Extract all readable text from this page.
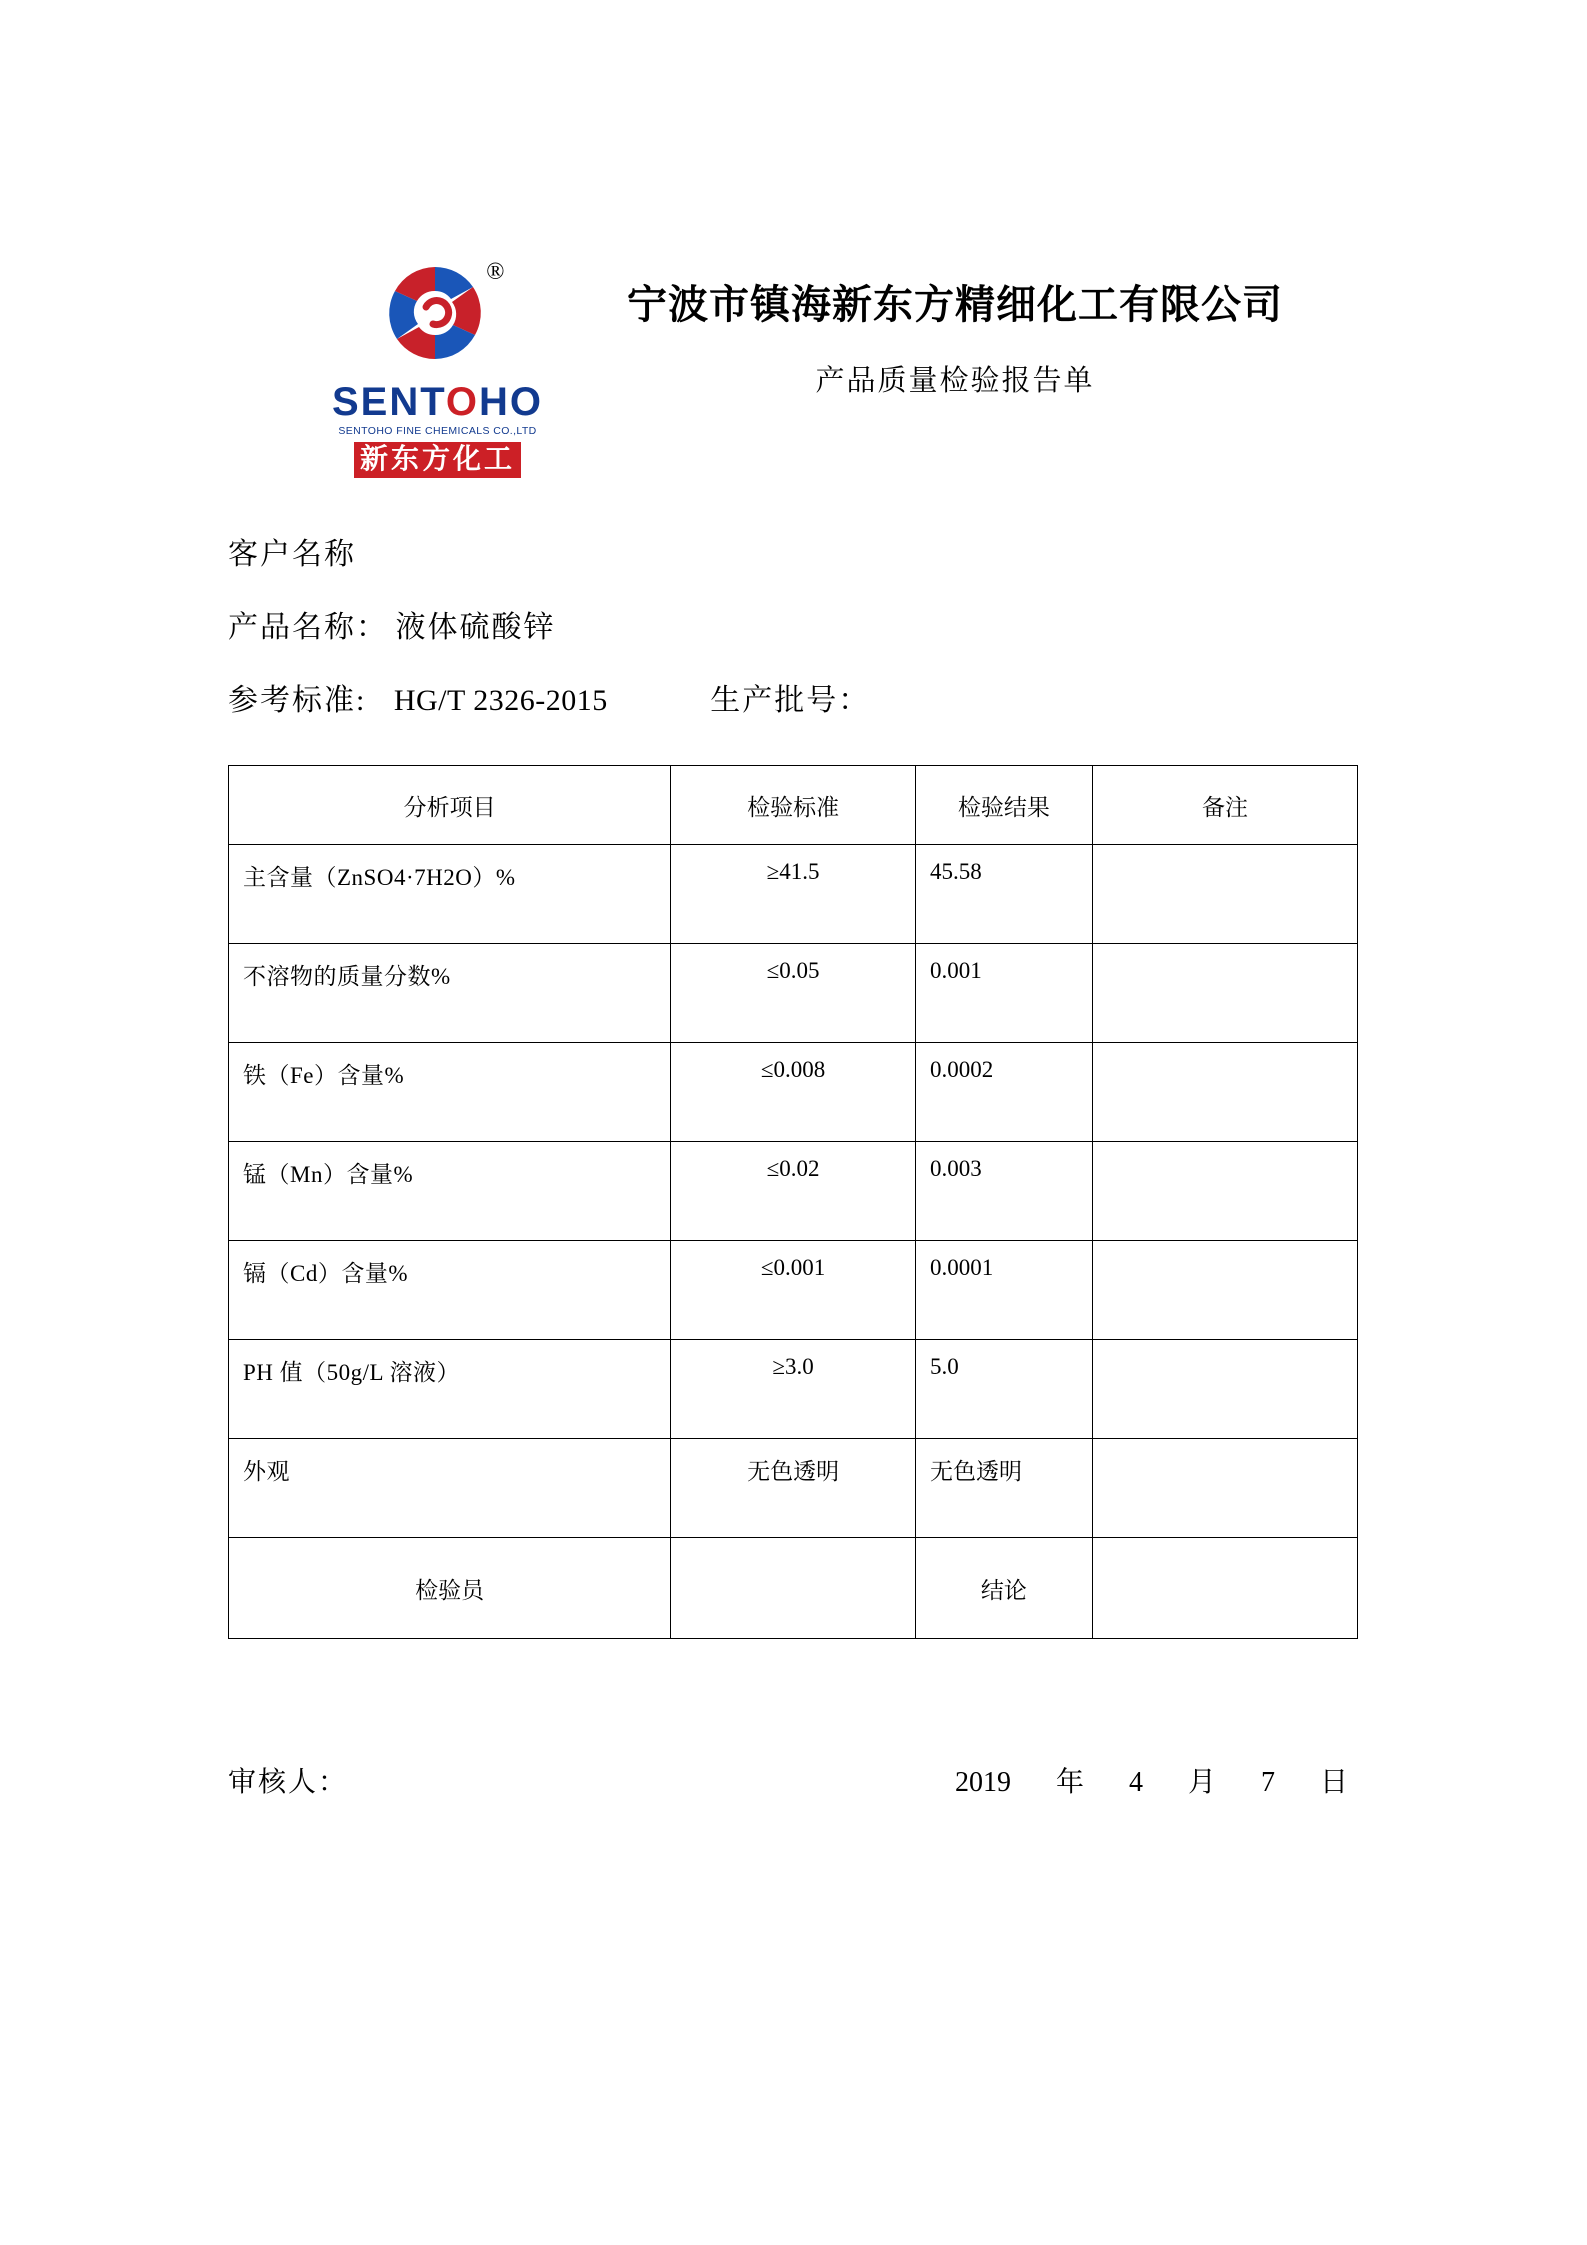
®
SENTOHO
SENTOHO FINE CHEMICALS CO.,LTD
新东方化工
宁波市镇海新东方精细化工有限公司
产品质量检验报告单
客户名称
产品名称： 液体硫酸锌
参考标准: HG/T 2326-2015	生产批号：
分析项目	检验标准	检验结果	备注
主含量（ZnSO4·7H2O）%	≥41.5	45.58	
不溶物的质量分数%	≤0.05	0.001	
铁（Fe）含量%	≤0.008	0.0002	
锰（Mn）含量%	≤0.02	0.003	
镉（Cd）含量%	≤0.001	0.0001	
PH 值（50g/L 溶液）	≥3.0	5.0	
外观	无色透明	无色透明	
检验员		结论	
审核人：	2019 年 4 月 7 日
